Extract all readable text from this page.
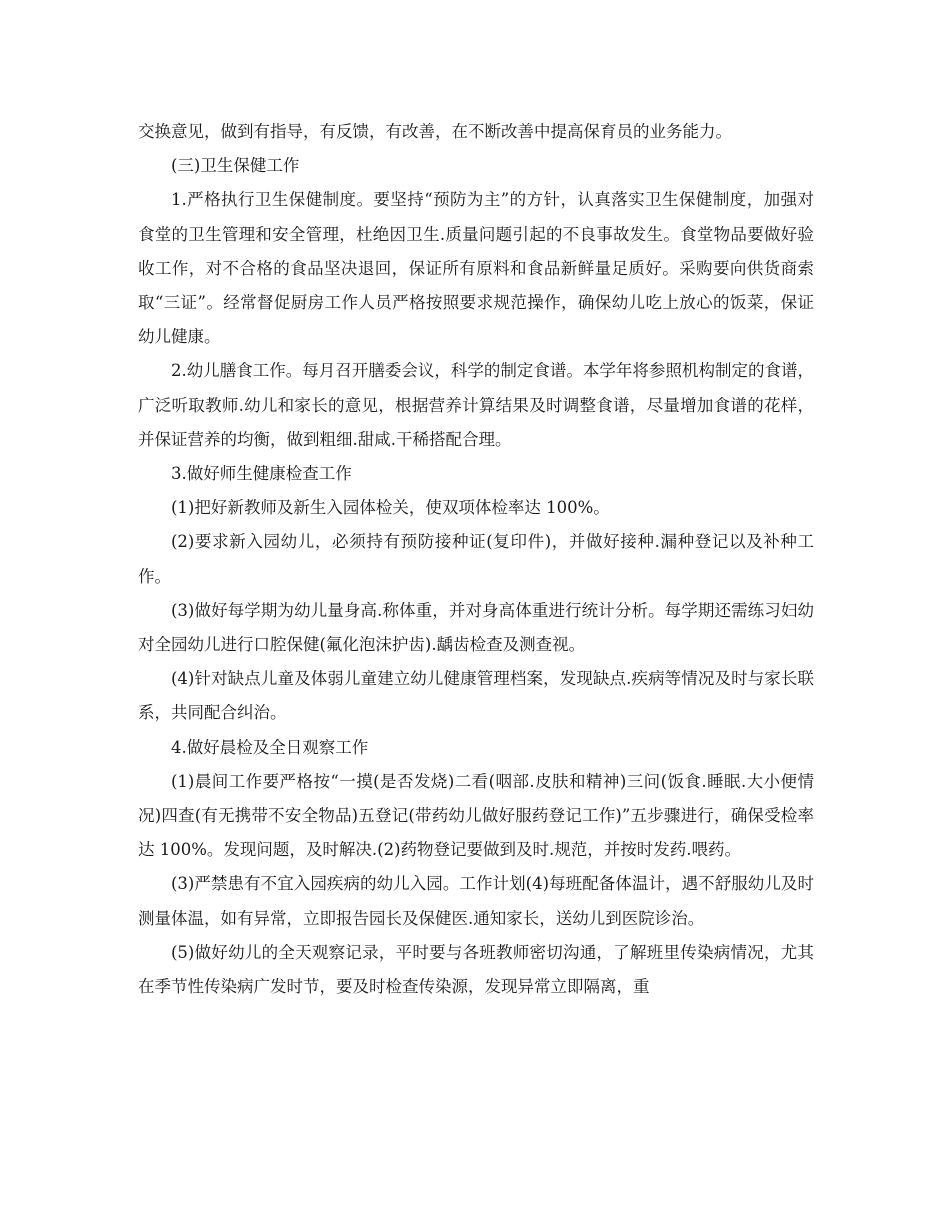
交换意见，做到有指导，有反馈，有改善，在不断改善中提高保育员的业务能力。

(三)卫生保健工作

1.严格执行卫生保健制度。要坚持“预防为主”的方针，认真落实卫生保健制度，加强对食堂的卫生管理和安全管理，杜绝因卫生.质量问题引起的不良事故发生。食堂物品要做好验收工作，对不合格的食品坚决退回，保证所有原料和食品新鲜量足质好。采购要向供货商索取“三证”。经常督促厨房工作人员严格按照要求规范操作，确保幼儿吃上放心的饭菜，保证幼儿健康。

2.幼儿膳食工作。每月召开膳委会议，科学的制定食谱。本学年将参照机构制定的食谱，广泛听取教师.幼儿和家长的意见，根据营养计算结果及时调整食谱，尽量增加食谱的花样，并保证营养的均衡，做到粗细.甜咸.干稀搭配合理。

3.做好师生健康检查工作

(1)把好新教师及新生入园体检关，使双项体检率达 100%。

(2)要求新入园幼儿，必须持有预防接种证(复印件)，并做好接种.漏种登记以及补种工作。

(3)做好每学期为幼儿量身高.称体重，并对身高体重进行统计分析。每学期还需练习妇幼对全园幼儿进行口腔保健(氟化泡沫护齿).龋齿检查及测查视。

(4)针对缺点儿童及体弱儿童建立幼儿健康管理档案，发现缺点.疾病等情况及时与家长联系，共同配合纠治。

4.做好晨检及全日观察工作

(1)晨间工作要严格按“一摸(是否发烧)二看(咽部.皮肤和精神)三问(饭食.睡眠.大小便情况)四查(有无携带不安全物品)五登记(带药幼儿做好服药登记工作)”五步骤进行，确保受检率达 100%。发现问题，及时解决.(2)药物登记要做到及时.规范，并按时发药.喂药。

(3)严禁患有不宜入园疾病的幼儿入园。工作计划(4)每班配备体温计，遇不舒服幼儿及时测量体温，如有异常，立即报告园长及保健医.通知家长，送幼儿到医院诊治。

(5)做好幼儿的全天观察记录，平时要与各班教师密切沟通，了解班里传染病情况，尤其在季节性传染病广发时节，要及时检查传染源，发现异常立即隔离，重
